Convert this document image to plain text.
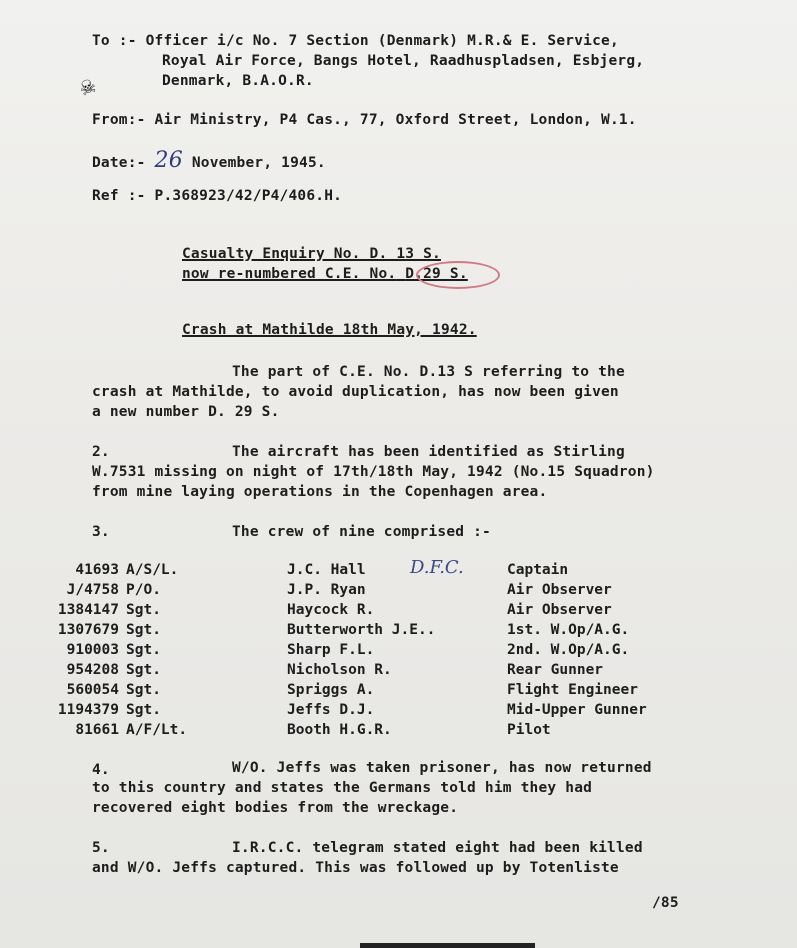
☠
To :- Officer i/c No. 7 Section (Denmark) M.R.& E. Service,
Royal Air Force, Bangs Hotel, Raadhuspladsen, Esbjerg,
Denmark, B.A.O.R.
From:- Air Ministry, P4 Cas., 77, Oxford Street, London, W.1.
Date:- 26 November, 1945.
Ref :- P.368923/42/P4/406.H.
Casualty Enquiry No. D. 13 S.
now re-numbered C.E. No. D.29 S.
Crash at Mathilde 18th May, 1942.
The part of C.E. No. D.13 S referring to the
crash at Mathilde, to avoid duplication, has now been given
a new number D. 29 S.
2.	The aircraft has been identified as Stirling
W.7531 missing on night of 17th/18th May, 1942 (No.15 Squadron)
from mine laying operations in the Copenhagen area.
3.	The crew of nine comprised :-
D.F.C.
41693 A/S/L.	J.C. Hall	Captain
J/4758 P/O.	J.P. Ryan	Air Observer
1384147 Sgt.	Haycock R.	Air Observer
1307679 Sgt.	Butterworth J.E..	1st. W.Op/A.G.
910003 Sgt.	Sharp F.L.	2nd. W.Op/A.G.
954208 Sgt.	Nicholson R.	Rear Gunner
560054 Sgt.	Spriggs A.	Flight Engineer
1194379 Sgt.	Jeffs D.J.	Mid-Upper Gunner
81661 A/F/Lt.	Booth H.G.R.	Pilot
4.	W/O. Jeffs was taken prisoner, has now returned
to this country and states the Germans told him they had
recovered eight bodies from the wreckage.
5.	I.R.C.C. telegram stated eight had been killed
and W/O. Jeffs captured. This was followed up by Totenliste
/85
